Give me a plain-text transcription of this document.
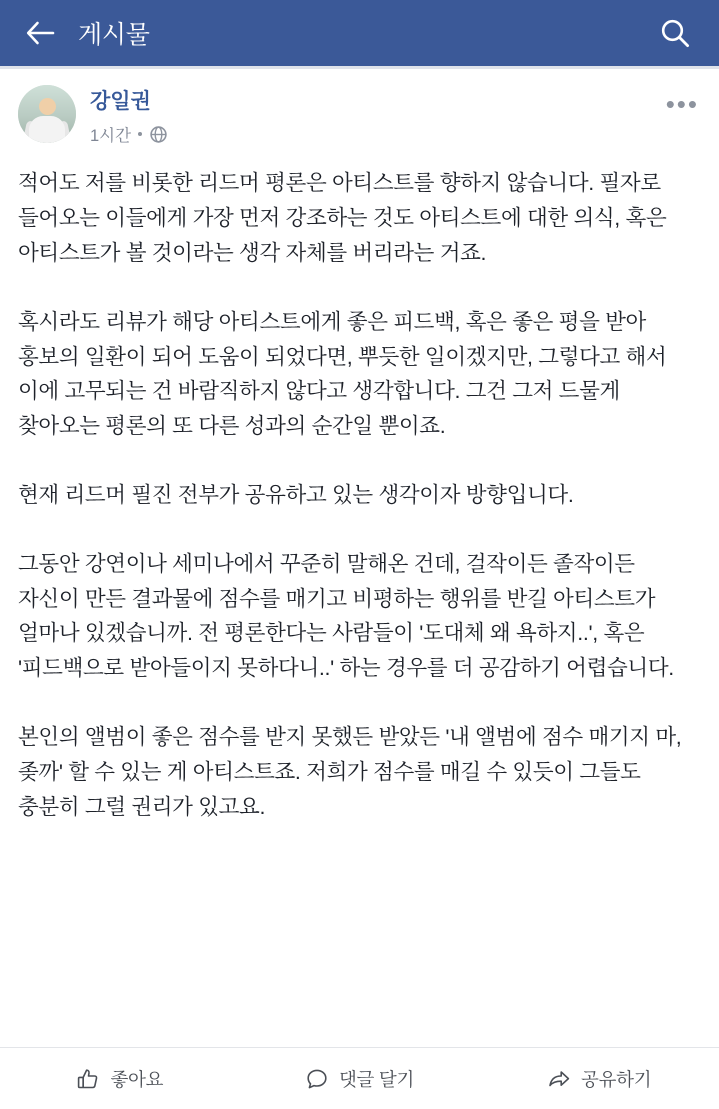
게시물
강일권
1시간
•••

적어도 저를 비롯한 리드머 평론은 아티스트를 향하지 않습니다. 필자로 들어오는 이들에게 가장 먼저 강조하는 것도 아티스트에 대한 의식, 혹은 아티스트가 볼 것이라는 생각 자체를 버리라는 거죠.

혹시라도 리뷰가 해당 아티스트에게 좋은 피드백, 혹은 좋은 평을 받아 홍보의 일환이 되어 도움이 되었다면, 뿌듯한 일이겠지만, 그렇다고 해서 이에 고무되는 건 바람직하지 않다고 생각합니다. 그건 그저 드물게 찾아오는 평론의 또 다른 성과의 순간일 뿐이죠.

현재 리드머 필진 전부가 공유하고 있는 생각이자 방향입니다.

그동안 강연이나 세미나에서 꾸준히 말해온 건데, 걸작이든 졸작이든 자신이 만든 결과물에 점수를 매기고 비평하는 행위를 반길 아티스트가 얼마나 있겠습니까. 전 평론한다는 사람들이 '도대체 왜 욕하지..', 혹은 '피드백으로 받아들이지 못하다니..' 하는 경우를 더 공감하기 어렵습니다.

본인의 앨범이 좋은 점수를 받지 못했든 받았든 '내 앨범에 점수 매기지 마, 좆까' 할 수 있는 게 아티스트죠. 저희가 점수를 매길 수 있듯이 그들도 충분히 그럴 권리가 있고요.

좋아요	댓글 달기	공유하기
